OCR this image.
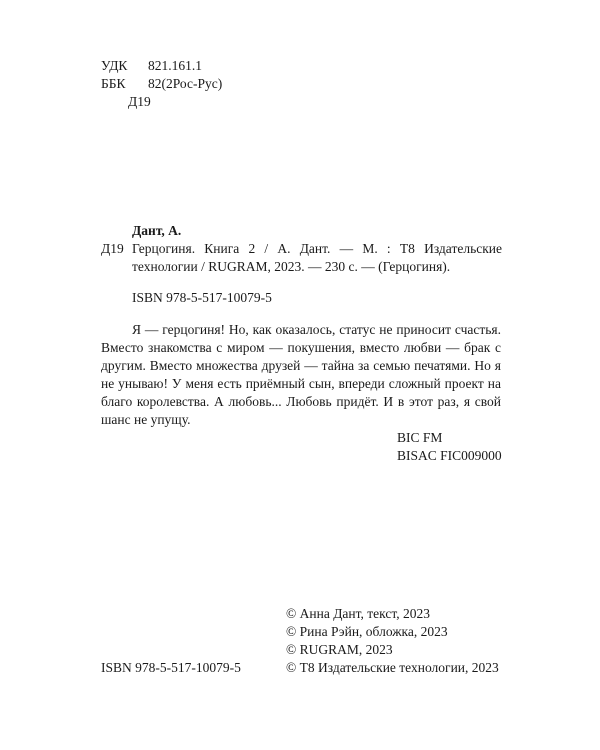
УДК 821.161.1
ББК 82(2Рос-Рус)
Д19
Дант, А.
Д19 Герцогиня. Книга 2 / А. Дант. — М. : Т8 Издательские технологии / RUGRAM, 2023. — 230 с. — (Герцогиня).
ISBN 978-5-517-10079-5
Я — герцогиня! Но, как оказалось, статус не приносит счастья. Вместо знакомства с миром — покушения, вместо любви — брак с другим. Вместо множества друзей — тайна за семью печатями. Но я не унываю! У меня есть приёмный сын, впереди сложный проект на благо королевства. А любовь... Любовь придёт. И в этот раз, я свой шанс не упущу.
BIC FM
BISAC FIC009000
© Анна Дант, текст, 2023
© Рина Рэйн, обложка, 2023
© RUGRAM, 2023
© Т8 Издательские технологии, 2023
ISBN 978-5-517-10079-5
